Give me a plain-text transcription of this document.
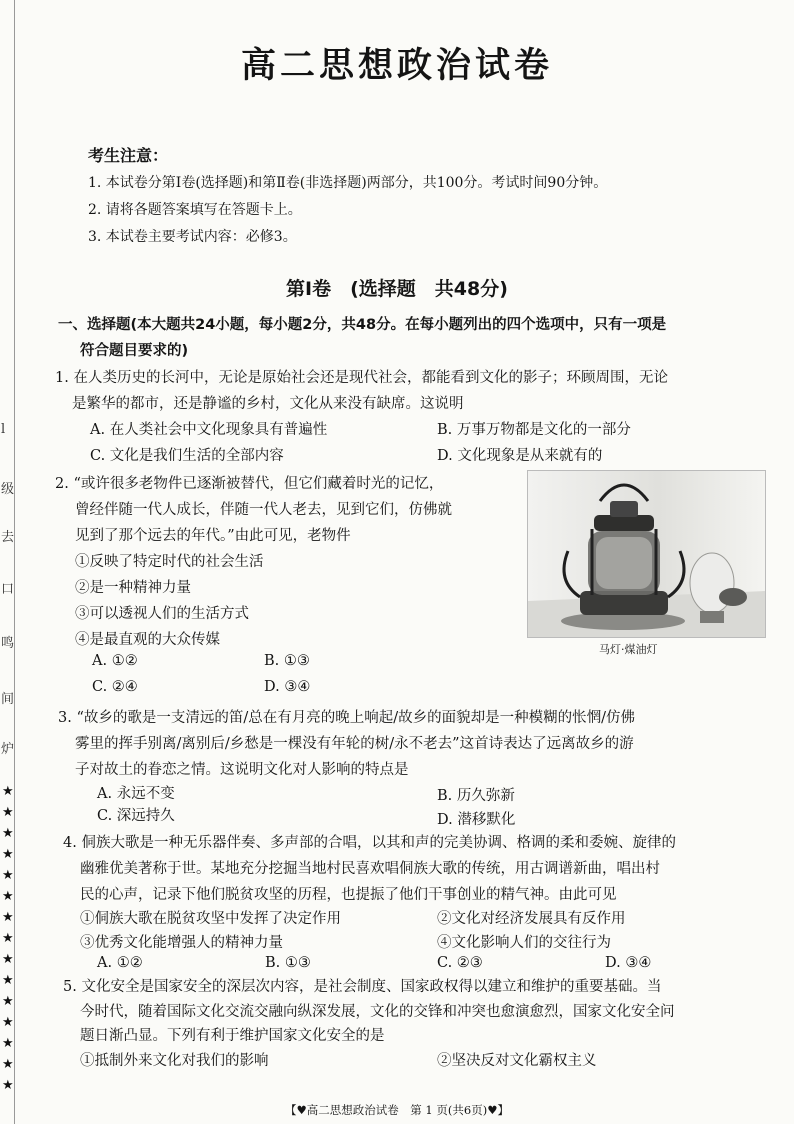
l
级
去
口
鸣
间
炉
★
★
★
★
★
★
★
★
★
★
★
★
★
★
★
高二思想政治试卷
考生注意：
1. 本试卷分第Ⅰ卷(选择题)和第Ⅱ卷(非选择题)两部分，共100分。考试时间90分钟。
2. 请将各题答案填写在答题卡上。
3. 本试卷主要考试内容：必修3。
第Ⅰ卷　(选择题　共48分)
一、选择题(本大题共24小题，每小题2分，共48分。在每小题列出的四个选项中，只有一项是
符合题目要求的)
1. 在人类历史的长河中，无论是原始社会还是现代社会，都能看到文化的影子；环顾周围，无论
是繁华的都市，还是静谧的乡村，文化从来没有缺席。这说明
A. 在人类社会中文化现象具有普遍性	B. 万事万物都是文化的一部分
C. 文化是我们生活的全部内容	D. 文化现象是从来就有的
2. “或许很多老物件已逐渐被替代，但它们藏着时光的记忆，
曾经伴随一代人成长，伴随一代人老去，见到它们，仿佛就
见到了那个远去的年代。”由此可见，老物件
①反映了特定时代的社会生活
②是一种精神力量
③可以透视人们的生活方式
④是最直观的大众传媒
A. ①②	B. ①③
C. ②④	D. ③④
马灯·煤油灯
3. “故乡的歌是一支清远的笛/总在有月亮的晚上响起/故乡的面貌却是一种模糊的怅惘/仿佛
雾里的挥手别离/离别后/乡愁是一棵没有年轮的树/永不老去”这首诗表达了远离故乡的游
子对故土的眷恋之情。这说明文化对人影响的特点是
A. 永远不变	B. 历久弥新
C. 深远持久	D. 潜移默化
4. 侗族大歌是一种无乐器伴奏、多声部的合唱，以其和声的完美协调、格调的柔和委婉、旋律的
幽雅优美著称于世。某地充分挖掘当地村民喜欢唱侗族大歌的传统，用古调谱新曲，唱出村
民的心声，记录下他们脱贫攻坚的历程，也提振了他们干事创业的精气神。由此可见
①侗族大歌在脱贫攻坚中发挥了决定作用	②文化对经济发展具有反作用
③优秀文化能增强人的精神力量	④文化影响人们的交往行为
A. ①②	B. ①③	C. ②③	D. ③④
5. 文化安全是国家安全的深层次内容，是社会制度、国家政权得以建立和维护的重要基础。当
今时代，随着国际文化交流交融向纵深发展，文化的交锋和冲突也愈演愈烈，国家文化安全问
题日渐凸显。下列有利于维护国家文化安全的是
①抵制外来文化对我们的影响	②坚决反对文化霸权主义
【♥高二思想政治试卷　第 1 页(共6页)♥】
